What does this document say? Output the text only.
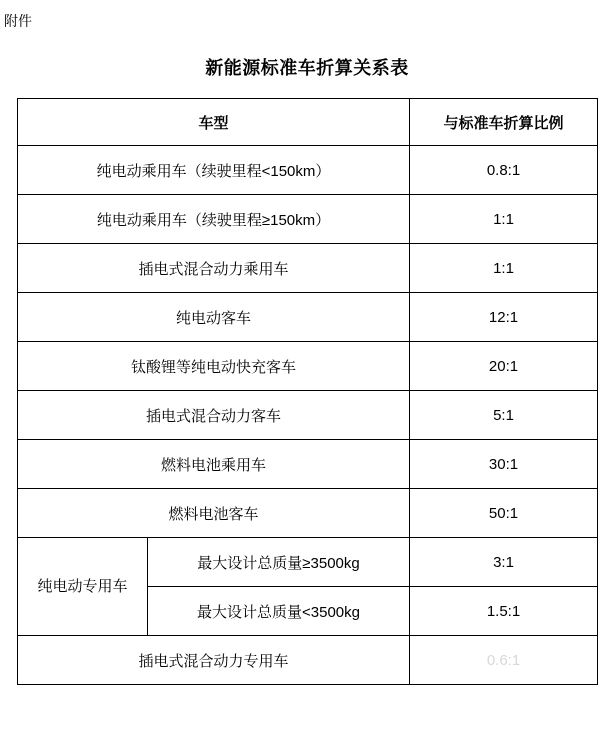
附件
新能源标准车折算关系表
车型		与标准车折算比例
纯电动乘用车（续驶里程<150km）		0.8:1
纯电动乘用车（续驶里程≥150km）		1:1
插电式混合动力乘用车		1:1
纯电动客车		12:1
钛酸锂等纯电动快充客车		20:1
插电式混合动力客车		5:1
燃料电池乘用车		30:1
燃料电池客车		50:1
纯电动专用车	最大设计总质量≥3500kg	3:1
	最大设计总质量<3500kg	1.5:1
插电式混合动力专用车		0.6:1
